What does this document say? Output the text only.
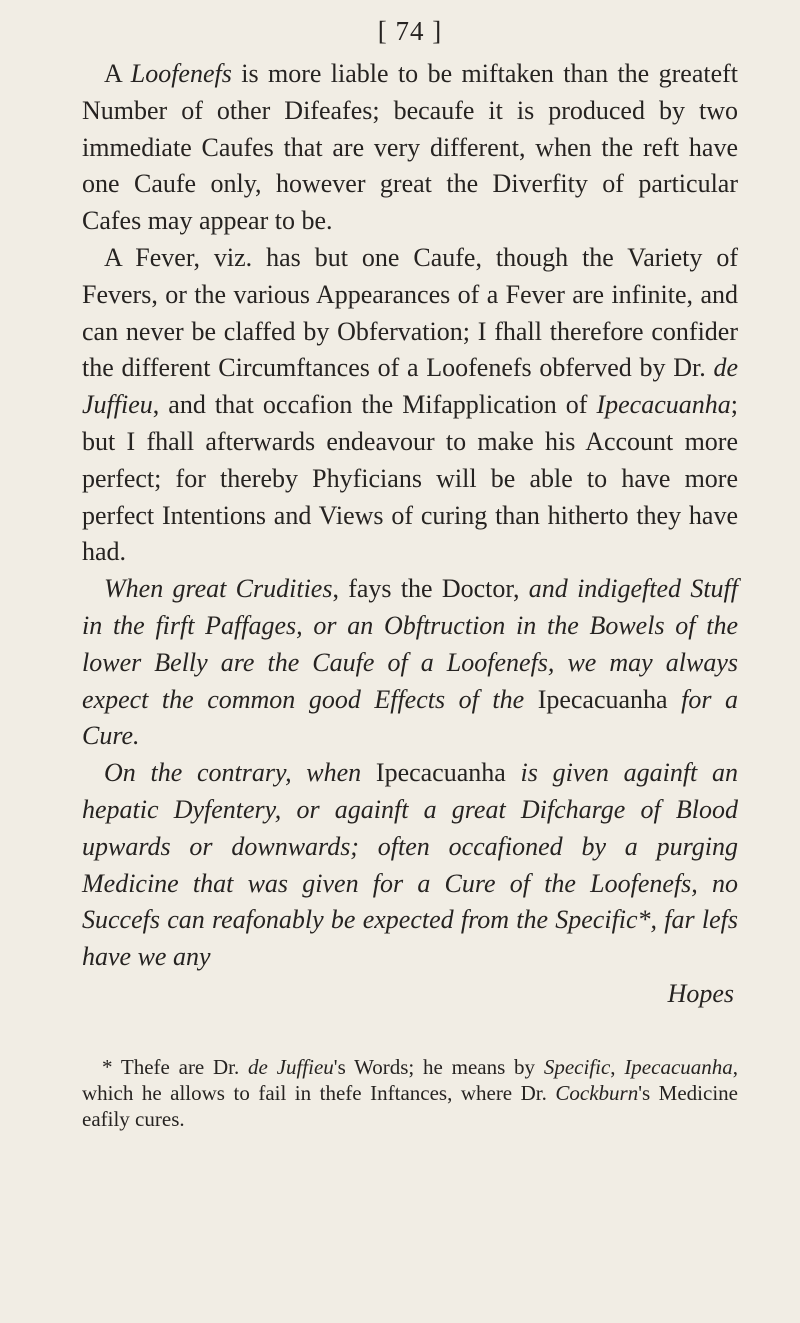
[ 74 ]

A Loofenefs is more liable to be miftaken than the greateft Number of other Difeafes; becaufe it is produced by two immediate Caufes that are very different, when the reft have one Caufe only, however great the Diverfity of particular Cafes may appear to be.

A Fever, viz. has but one Caufe, though the Variety of Fevers, or the various Appearances of a Fever are infinite, and can never be claffed by Obfervation; I fhall therefore confider the different Circumftances of a Loofenefs obferved by Dr. de Juffieu, and that occafion the Mifapplication of Ipecacuanha; but I fhall afterwards endeavour to make his Account more perfect; for thereby Phyficians will be able to have more perfect Intentions and Views of curing than hitherto they have had.

When great Crudities, fays the Doctor, and indigefted Stuff in the firft Paffages, or an Obftruction in the Bowels of the lower Belly are the Caufe of a Loofenefs, we may always expect the common good Effects of the Ipecacuanha for a Cure.

On the contrary, when Ipecacuanha is given againft an hepatic Dyfentery, or againft a great Difcharge of Blood upwards or downwards; often occafioned by a purging Medicine that was given for a Cure of the Loofenefs, no Succefs can reafonably be expected from the Specific*, far lefs have we any

Hopes

* Thefe are Dr. de Juffieu's Words; he means by Specific, Ipecacuanha, which he allows to fail in thefe Inftances, where Dr. Cockburn's Medicine eafily cures.
